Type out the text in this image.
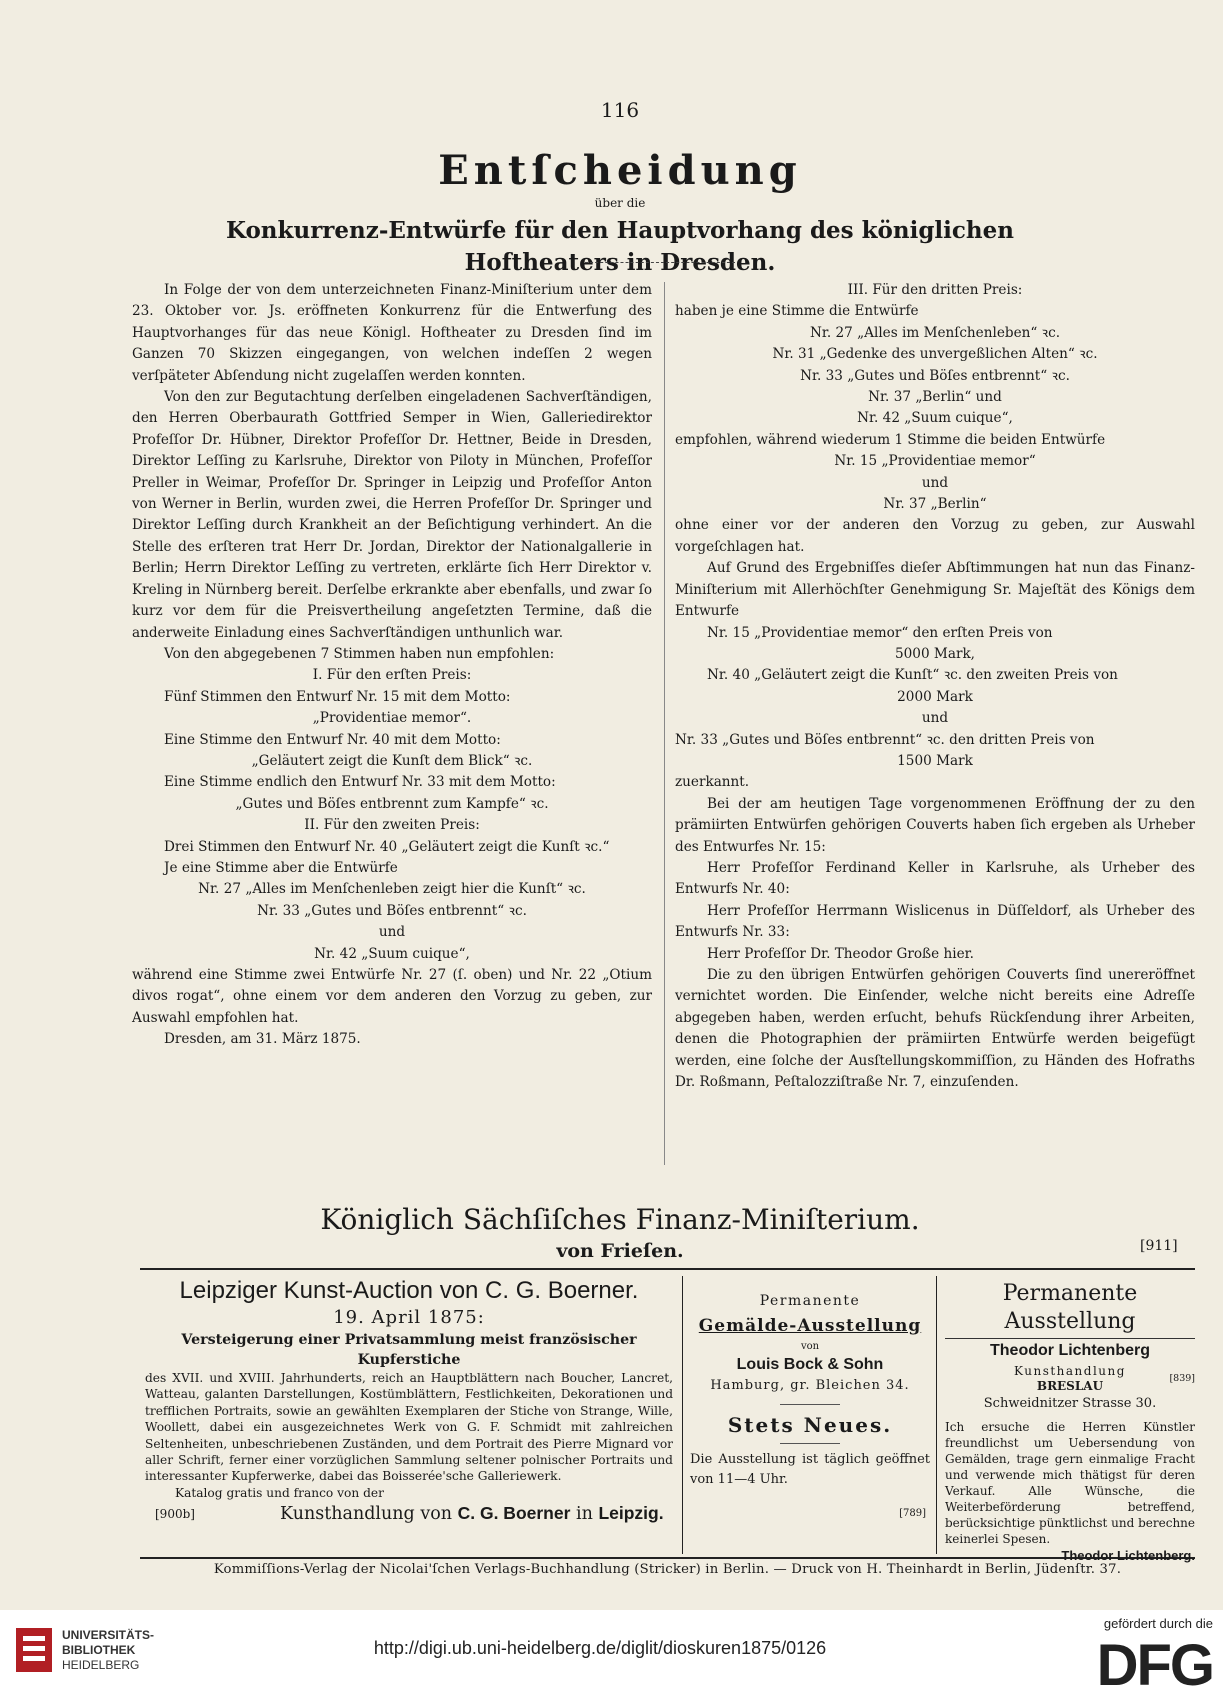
116
Entſcheidung
über die
Konkurrenz-Entwürfe für den Hauptvorhang des königlichen Hoftheaters in Dresden.

In Folge der von dem unterzeichneten Finanz-Miniſterium unter dem 23. Oktober vor. Js. eröffneten Konkurrenz für die Entwerfung des Hauptvorhanges für das neue Königl. Hoftheater zu Dresden ſind im Ganzen 70 Skizzen eingegangen, von welchen indeſſen 2 wegen verſpäteter Abſendung nicht zugelaſſen werden konnten.

Von den zur Begutachtung derſelben eingeladenen Sachverſtändigen, den Herren Oberbaurath Gottfried Semper in Wien, Galleriedirektor Profeſſor Dr. Hübner, Direktor Profeſſor Dr. Hettner, Beide in Dresden, Direktor Leſſing zu Karlsruhe, Direktor von Piloty in München, Profeſſor Preller in Weimar, Profeſſor Dr. Springer in Leipzig und Profeſſor Anton von Werner in Berlin, wurden zwei, die Herren Profeſſor Dr. Springer und Direktor Leſſing durch Krankheit an der Beſichtigung verhindert. An die Stelle des erſteren trat Herr Dr. Jordan, Direktor der Nationalgallerie in Berlin; Herrn Direktor Leſſing zu vertreten, erklärte ſich Herr Direktor v. Kreling in Nürnberg bereit. Derſelbe erkrankte aber ebenfalls, und zwar ſo kurz vor dem für die Preisvertheilung angeſetzten Termine, daß die anderweite Einladung eines Sachverſtändigen unthunlich war.

Von den abgegebenen 7 Stimmen haben nun empfohlen:

I. Für den erſten Preis:

Fünf Stimmen den Entwurf Nr. 15 mit dem Motto:

„Providentiae memor“.

Eine Stimme den Entwurf Nr. 40 mit dem Motto:

„Geläutert zeigt die Kunſt dem Blick“ ꝛc.

Eine Stimme endlich den Entwurf Nr. 33 mit dem Motto:

„Gutes und Böſes entbrennt zum Kampfe“ ꝛc.

II. Für den zweiten Preis:

Drei Stimmen den Entwurf Nr. 40 „Geläutert zeigt die Kunſt ꝛc.“

Je eine Stimme aber die Entwürfe

Nr. 27 „Alles im Menſchenleben zeigt hier die Kunſt“ ꝛc.

Nr. 33 „Gutes und Böſes entbrennt“ ꝛc.

und

Nr. 42 „Suum cuique“,

während eine Stimme zwei Entwürfe Nr. 27 (ſ. oben) und Nr. 22 „Otium divos rogat“, ohne einem vor dem anderen den Vorzug zu geben, zur Auswahl empfohlen hat.

Dresden, am 31. März 1875.

III. Für den dritten Preis:

haben je eine Stimme die Entwürfe

Nr. 27 „Alles im Menſchenleben“ ꝛc.

Nr. 31 „Gedenke des unvergeßlichen Alten“ ꝛc.

Nr. 33 „Gutes und Böſes entbrennt“ ꝛc.

Nr. 37 „Berlin“ und

Nr. 42 „Suum cuique“,

empfohlen, während wiederum 1 Stimme die beiden Entwürfe

Nr. 15 „Providentiae memor“

und

Nr. 37 „Berlin“

ohne einer vor der anderen den Vorzug zu geben, zur Auswahl vorgeſchlagen hat.

Auf Grund des Ergebniſſes dieſer Abſtimmungen hat nun das Finanz-Miniſterium mit Allerhöchſter Genehmigung Sr. Majeſtät des Königs dem Entwurfe

Nr. 15 „Providentiae memor“ den erſten Preis von

5000 Mark,

Nr. 40 „Geläutert zeigt die Kunſt“ ꝛc. den zweiten Preis von

2000 Mark

und

Nr. 33 „Gutes und Böſes entbrennt“ ꝛc. den dritten Preis von

1500 Mark

zuerkannt.

Bei der am heutigen Tage vorgenommenen Eröffnung der zu den prämiirten Entwürfen gehörigen Couverts haben ſich ergeben als Urheber des Entwurfes Nr. 15:

Herr Profeſſor Ferdinand Keller in Karlsruhe, als Urheber des Entwurfs Nr. 40:

Herr Profeſſor Herrmann Wislicenus in Düſſeldorf, als Urheber des Entwurfs Nr. 33:

Herr Profeſſor Dr. Theodor Große hier.

Die zu den übrigen Entwürfen gehörigen Couverts ſind unereröffnet vernichtet worden. Die Einſender, welche nicht bereits eine Adreſſe abgegeben haben, werden erſucht, behufs Rückſendung ihrer Arbeiten, denen die Photographien der prämiirten Entwürfe werden beigefügt werden, eine ſolche der Ausſtellungskommiſſion, zu Händen des Hofraths Dr. Roßmann, Peſtalozziſtraße Nr. 7, einzuſenden.

Königlich Sächſiſches Finanz-Miniſterium.
von Frieſen.	[911]
Leipziger Kunst-Auction von C. G. Boerner.
19. April 1875:
Versteigerung einer Privatsammlung meist französischer Kupferstiche

des XVII. und XVIII. Jahrhunderts, reich an Hauptblättern nach Boucher, Lancret, Watteau, galanten Darstellungen, Kostümblättern, Festlichkeiten, Dekorationen und trefflichen Portraits, sowie an gewählten Exemplaren der Stiche von Strange, Wille, Woollett, dabei ein ausgezeichnetes Werk von G. F. Schmidt mit zahlreichen Seltenheiten, unbeschriebenen Zuständen, und dem Portrait des Pierre Mignard vor aller Schrift, ferner einer vorzüglichen Sammlung seltener polnischer Portraits und interessanter Kupferwerke, dabei das Boisserée'sche Galleriewerk.

Katalog gratis und franco von der

[900b]	Kunsthandlung von C. G. Boerner in Leipzig.
Permanente
Gemälde-Ausstellung
von
Louis Bock & Sohn
Hamburg, gr. Bleichen 34.
Stets Neues.

Die Ausstellung ist täglich geöffnet von 11—4 Uhr.

[789]
Permanente Ausstellung
Theodor Lichtenberg
Kunsthandlung
BRESLAU
[839]
Schweidnitzer Strasse 30.

Ich ersuche die Herren Künstler freundlichst um Uebersendung von Gemälden, trage gern einmalige Fracht und verwende mich thätigst für deren Verkauf. Alle Wünsche, die Weiterbeförderung betreffend, berücksichtige pünktlichst und berechne keinerlei Spesen.

Theodor Lichtenberg.
Kommiſſions-Verlag der Nicolai'ſchen Verlags-Buchhandlung (Stricker) in Berlin. — Druck von H. Theinhardt in Berlin, Jüdenſtr. 37.
UNIVERSITÄTS-
BIBLIOTHEK
HEIDELBERG
http://digi.ub.uni-heidelberg.de/diglit/dioskuren1875/0126
gefördert durch die
DFG
